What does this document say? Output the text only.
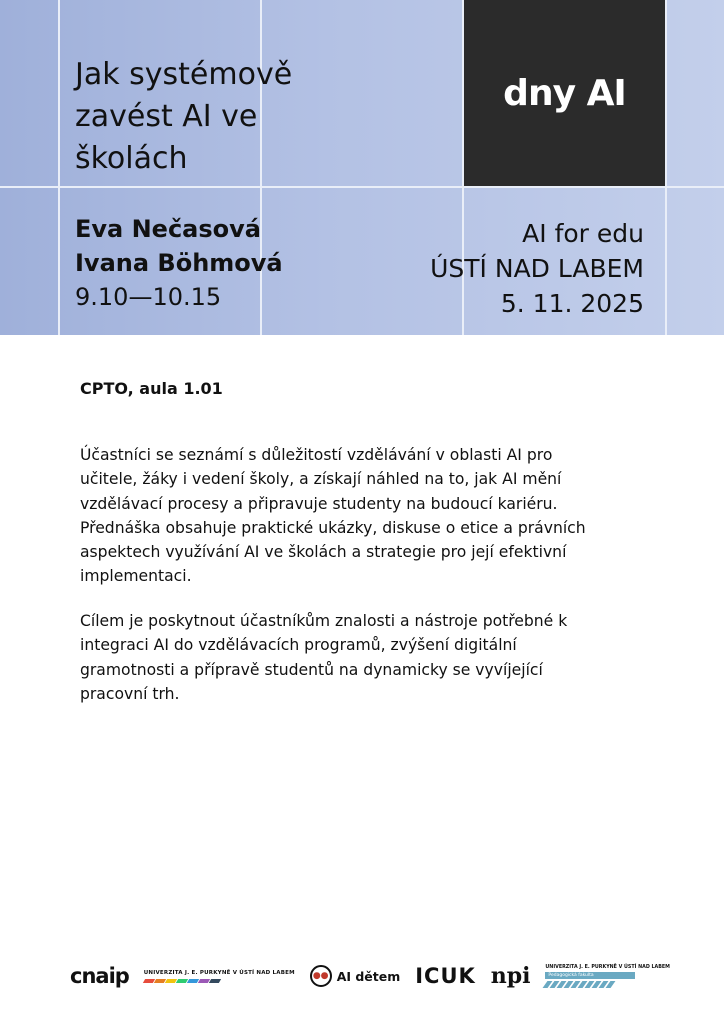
Jak systémově
zavést AI ve
školách
dny AI
Eva Nečasová
Ivana Böhmová
9.10—10.15
AI for edu
ÚSTÍ NAD LABEM
5. 11. 2025
CPTO, aula 1.01
Účastníci se seznámí s důležitostí vzdělávání v oblasti AI pro
učitele, žáky i vedení školy, a získají náhled na to, jak AI mění
vzdělávací procesy a připravuje studenty na budoucí kariéru.
Přednáška obsahuje praktické ukázky, diskuse o etice a právních
aspektech využívání AI ve školách a strategie pro její efektivní
implementaci.
Cílem je poskytnout účastníkům znalosti a nástroje potřebné k
integraci AI do vzdělávacích programů, zvýšení digitální
gramotnosti a přípravě studentů na dynamicky se vyvíjející
pracovní trh.
cnaip	UNIVERZITA J. E. PURKYNĚ V ÚSTÍ NAD LABEM	●● AI dětem ICUK npi	UNIVERZITA J. E. PURKYNĚ V ÚSTÍ NAD LABEM
Pedagogická fakulta
